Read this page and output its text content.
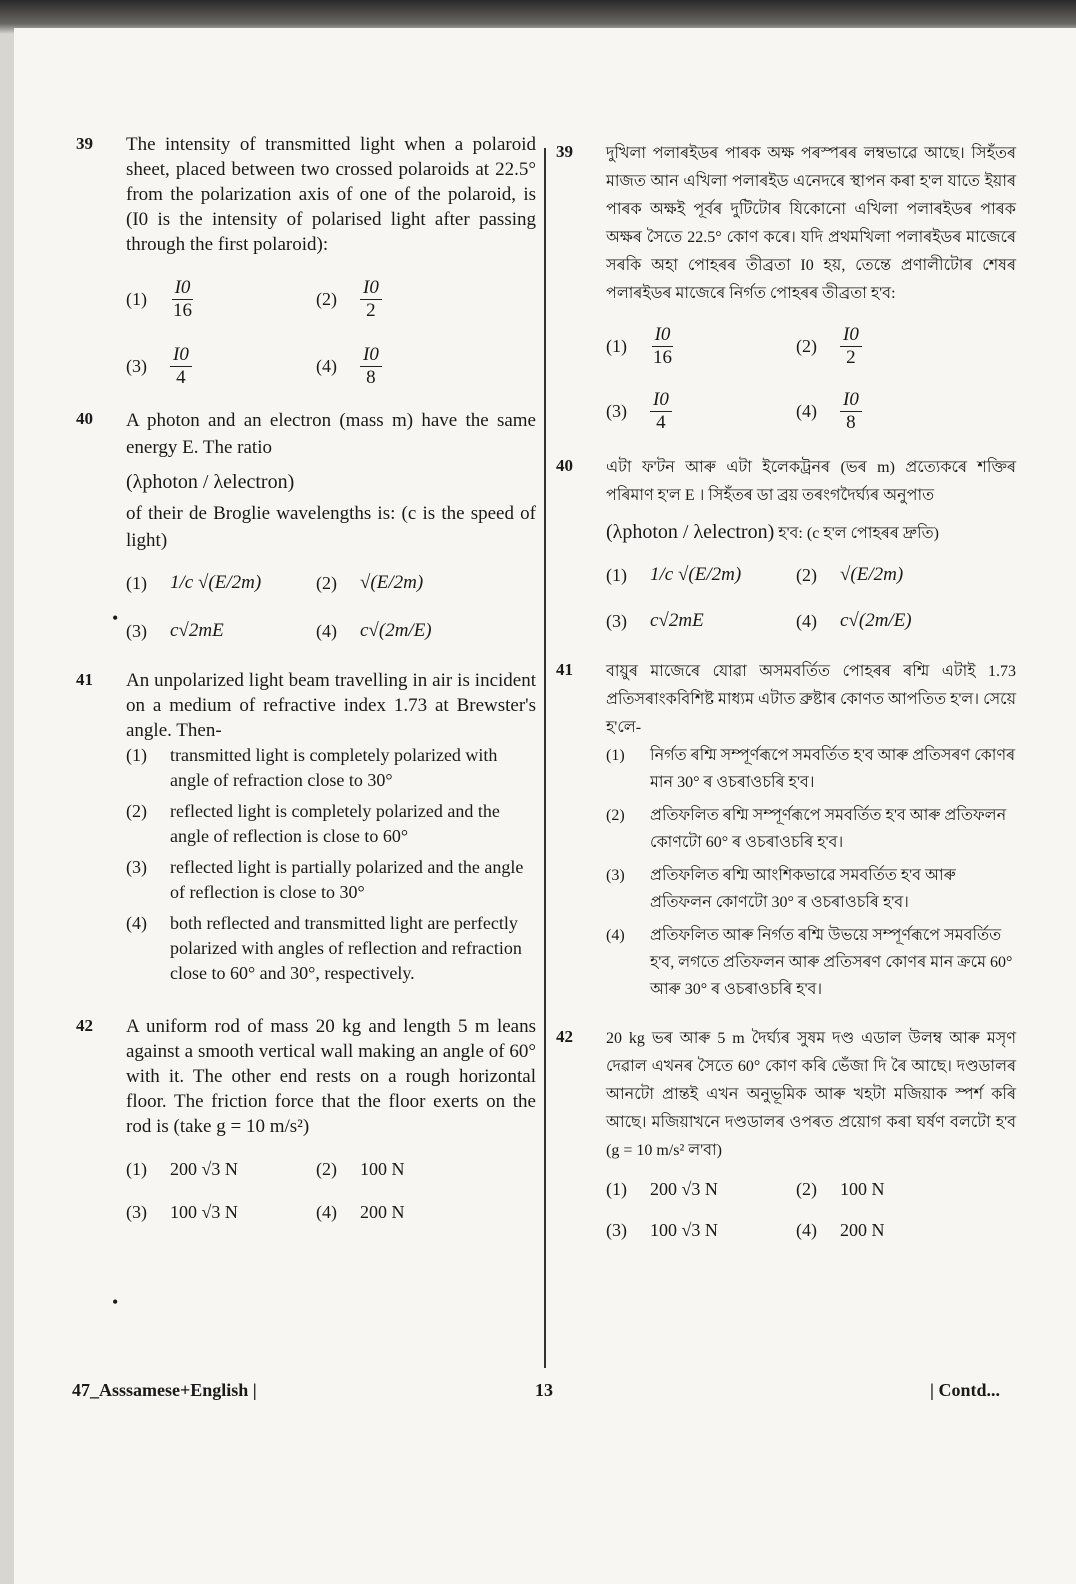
39 The intensity of transmitted light when a polaroid sheet, placed between two crossed polaroids at 22.5° from the polarization axis of one of the polaroid, is (I0 is the intensity of polarised light after passing through the first polaroid):
(1)	$\frac{I0}{16}$	(2)	$\frac{I0}{2}$
(3)	$\frac{I0}{4}$	(4)	$\frac{I0}{8}$
40 A photon and an electron (mass m) have the same energy E. The ratio
(λphoton / λelectron)
of their de Broglie wavelengths is: (c is the speed of light)
(1)	1/c √(E/2m)	(2)	√(E/2m)
(3)	c√2mE	(4)	c√(2m/E)
41 An unpolarized light beam travelling in air is incident on a medium of refractive index 1.73 at Brewster's angle. Then-
(1)	transmitted light is completely polarized with angle of refraction close to 30°
(2)	reflected light is completely polarized and the angle of reflection is close to 60°
(3)	reflected light is partially polarized and the angle of reflection is close to 30°
(4)	both reflected and transmitted light are perfectly polarized with angles of reflection and refraction close to 60° and 30°, respectively.
42 A uniform rod of mass 20 kg and length 5 m leans against a smooth vertical wall making an angle of 60° with it. The other end rests on a rough horizontal floor. The friction force that the floor exerts on the rod is (take g = 10 m/s²)
(1)	200 √3 N	(2)	100 N
(3)	100 √3 N	(4)	200 N
39 দুখিলা পলাৰইডৰ পাৰক অক্ষ পৰস্পৰৰ লম্বভাৱে আছে। সিহঁতৰ মাজত আন এখিলা পলাৰইড এনেদৰে স্থাপন কৰা হ'ল যাতে ইয়াৰ পাৰক অক্ষই পূৰ্বৰ দুটিটোৰ যিকোনো এখিলা পলাৰইডৰ পাৰক অক্ষৰ সৈতে 22.5° কোণ কৰে। যদি প্ৰথমখিলা পলাৰইডৰ মাজেৰে সৰকি অহা পোহৰৰ তীব্ৰতা I0 হয়, তেন্তে প্ৰণালীটোৰ শেষৰ পলাৰইডৰ মাজেৰে নিৰ্গত পোহৰৰ তীব্ৰতা হ'ব:
(1)	$\frac{I0}{16}$	(2)	$\frac{I0}{2}$
(3)	$\frac{I0}{4}$	(4)	$\frac{I0}{8}$
40 এটা ফ'টন আৰু এটা ইলেকট্ৰনৰ (ভৰ m) প্ৰত্যেকৰে শক্তিৰ পৰিমাণ হ'ল E । সিহঁতৰ ডা ব্ৰয় তৰংগদৈৰ্ঘ্যৰ অনুপাত
(λphoton / λelectron) হ'ব: (c হ'ল পোহৰৰ দ্ৰুতি)
(1)	1/c √(E/2m)	(2)	√(E/2m)
(3)	c√2mE	(4)	c√(2m/E)
41 বায়ুৰ মাজেৰে যোৱা অসমবৰ্তিত পোহৰৰ ৰশ্মি এটাই 1.73 প্ৰতিসৰাংকবিশিষ্ট মাধ্যম এটাত ব্ৰুষ্টাৰ কোণত আপতিত হ'ল। সেয়ে হ'লে-
(1)	নিৰ্গত ৰশ্মি সম্পূৰ্ণৰূপে সমবৰ্তিত হ'ব আৰু প্ৰতিসৰণ কোণৰ মান 30° ৰ ওচৰাওচৰি হ'ব।
(2)	প্ৰতিফলিত ৰশ্মি সম্পূৰ্ণৰূপে সমবৰ্তিত হ'ব আৰু প্ৰতিফলন কোণটো 60° ৰ ওচৰাওচৰি হ'ব।
(3)	প্ৰতিফলিত ৰশ্মি আংশিকভাৱে সমবৰ্তিত হ'ব আৰু প্ৰতিফলন কোণটো 30° ৰ ওচৰাওচৰি হ'ব।
(4)	প্ৰতিফলিত আৰু নিৰ্গত ৰশ্মি উভয়ে সম্পূৰ্ণৰূপে সমবৰ্তিত হ'ব, লগতে প্ৰতিফলন আৰু প্ৰতিসৰণ কোণৰ মান ক্ৰমে 60° আৰু 30° ৰ ওচৰাওচৰি হ'ব।
42 20 kg ভৰ আৰু 5 m দৈৰ্ঘ্যৰ সুষম দণ্ড এডাল উলম্ব আৰু মসৃণ দেৱাল এখনৰ সৈতে 60° কোণ কৰি ভেঁজা দি ৰৈ আছে। দণ্ডডালৰ আনটো প্ৰান্তই এখন অনুভূমিক আৰু খহটা মজিয়াক স্পৰ্শ কৰি আছে। মজিয়াখনে দণ্ডডালৰ ওপৰত প্ৰয়োগ কৰা ঘৰ্ষণ বলটো হ'ব (g = 10 m/s² ল'বা)
(1)	200 √3 N	(2)	100 N
(3)	100 √3 N	(4)	200 N
•
•
47_Asssamese+English |	13	| Contd...
